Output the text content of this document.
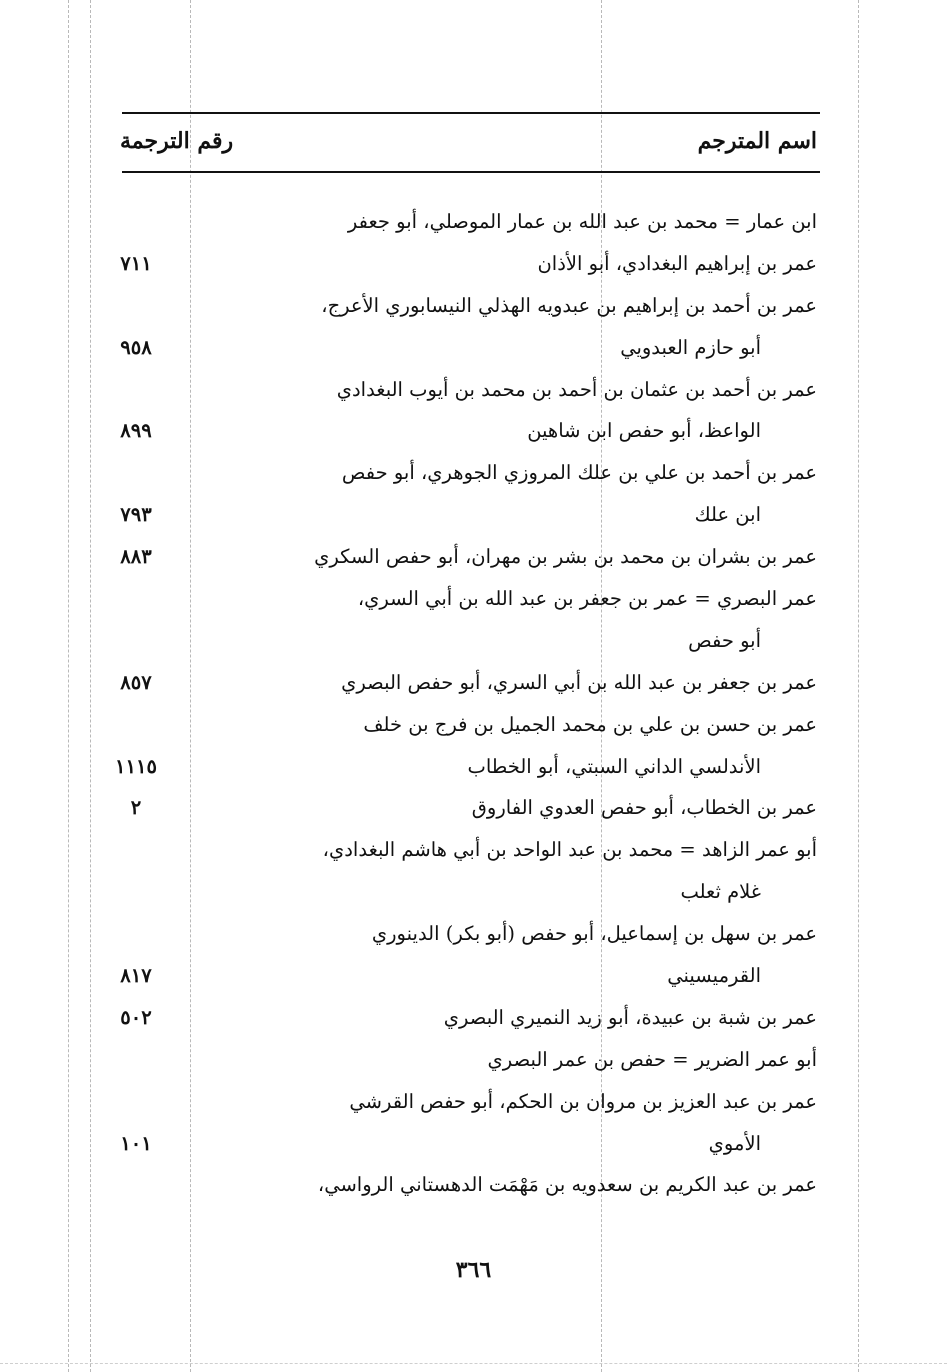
اسم المترجم
رقم الترجمة
ابن عمار = محمد بن عبد الله بن عمار الموصلي، أبو جعفر
عمر بن إبراهيم البغدادي، أبو الأذان
٧١١
عمر بن أحمد بن إبراهيم بن عبدويه الهذلي النيسابوري الأعرج،
أبو حازم العبدويي
٩٥٨
عمر بن أحمد بن عثمان بن أحمد بن محمد بن أيوب البغدادي
الواعظ، أبو حفص ابن شاهين
٨٩٩
عمر بن أحمد بن علي بن علك المروزي الجوهري، أبو حفص
ابن علك
٧٩٣
عمر بن بشران بن محمد بن بشر بن مهران، أبو حفص السكري
٨٨٣
عمر البصري = عمر بن جعفر بن عبد الله بن أبي السري،
أبو حفص
عمر بن جعفر بن عبد الله بن أبي السري، أبو حفص البصري
٨٥٧
عمر بن حسن بن علي بن محمد الجميل بن فرج بن خلف
الأندلسي الداني السبتي، أبو الخطاب
١١١٥
عمر بن الخطاب، أبو حفص العدوي الفاروق
٢
أبو عمر الزاهد = محمد بن عبد الواحد بن أبي هاشم البغدادي،
غلام ثعلب
عمر بن سهل بن إسماعيل، أبو حفص (أبو بكر) الدينوري
القرميسيني
٨١٧
عمر بن شبة بن عبيدة، أبو زيد النميري البصري
٥٠٢
أبو عمر الضرير = حفص بن عمر البصري
عمر بن عبد العزيز بن مروان بن الحكم، أبو حفص القرشي
الأموي
١٠١
عمر بن عبد الكريم بن سعدويه بن مَهْمَت الدهستاني الرواسي،
٣٦٦
